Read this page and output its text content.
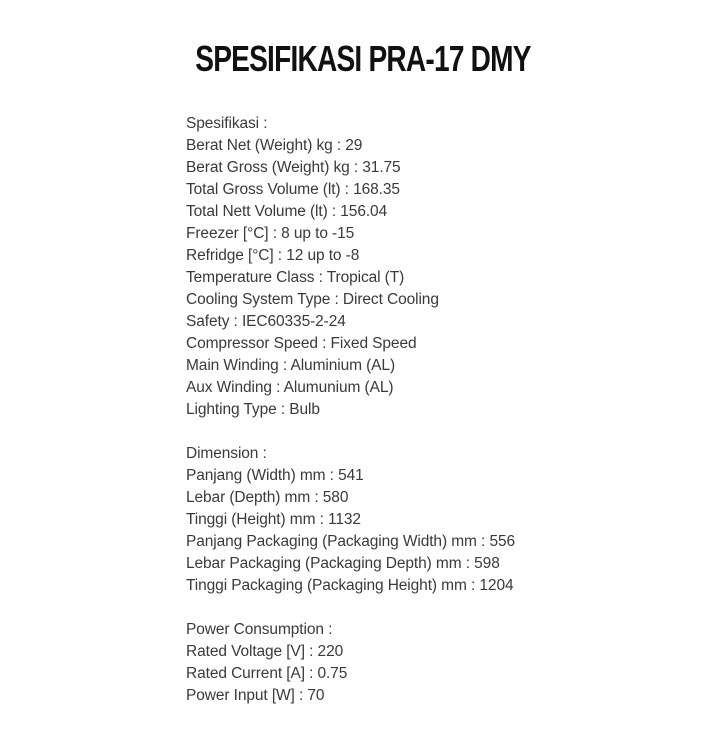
SPESIFIKASI PRA-17 DMY
Spesifikasi :
Berat Net (Weight) kg : 29
Berat Gross (Weight) kg : 31.75
Total Gross Volume (lt) : 168.35
Total Nett Volume (lt) : 156.04
Freezer [°C] : 8 up to -15
Refridge [°C] : 12 up to -8
Temperature Class : Tropical (T)
Cooling System Type : Direct Cooling
Safety : IEC60335-2-24
Compressor Speed : Fixed Speed
Main Winding : Aluminium (AL)
Aux Winding : Alumunium (AL)
Lighting Type : Bulb
Dimension :
Panjang (Width) mm : 541
Lebar (Depth) mm : 580
Tinggi (Height) mm : 1132
Panjang Packaging (Packaging Width) mm : 556
Lebar Packaging (Packaging Depth) mm : 598
Tinggi Packaging (Packaging Height) mm : 1204
Power Consumption :
Rated Voltage [V] : 220
Rated Current [A] : 0.75
Power Input [W] : 70
